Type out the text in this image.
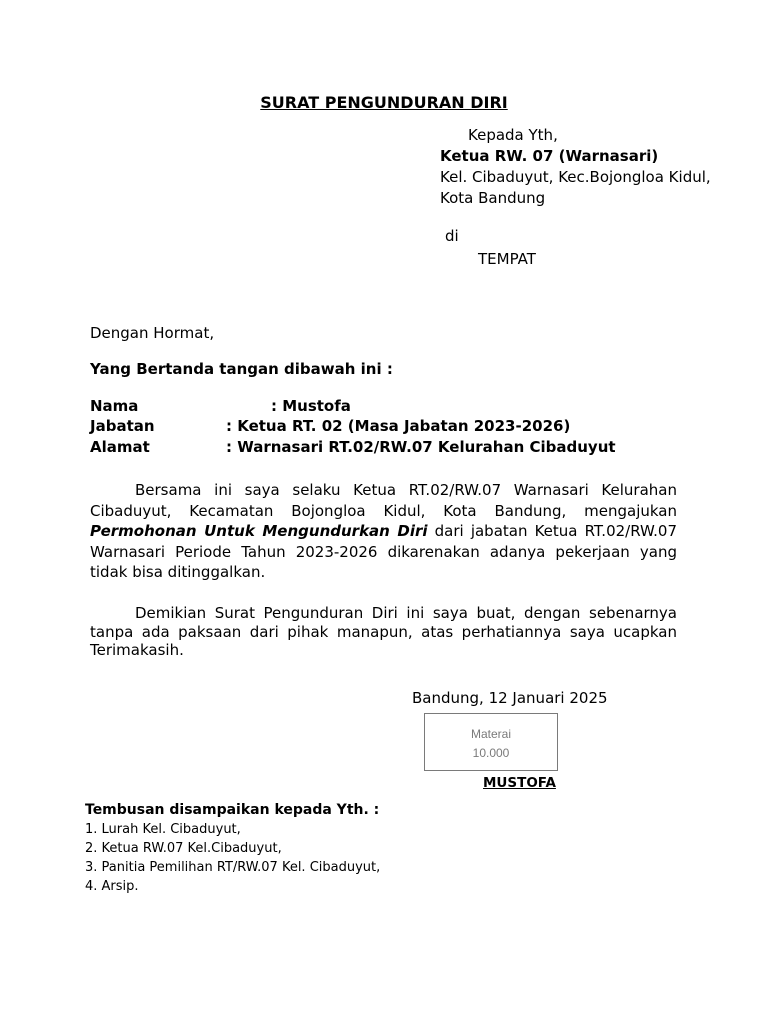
SURAT PENGUNDURAN DIRI
Kepada Yth,
Ketua RW. 07 (Warnasari)
Kel. Cibaduyut, Kec.Bojongloa Kidul,
Kota Bandung
di
TEMPAT
Dengan Hormat,
Yang Bertanda tangan dibawah ini :
Nama	: Mustofa
Jabatan	: Ketua RT. 02 (Masa Jabatan 2023-2026)
Alamat	: Warnasari RT.02/RW.07 Kelurahan Cibaduyut
Bersama ini saya selaku Ketua RT.02/RW.07 Warnasari Kelurahan Cibaduyut, Kecamatan Bojongloa Kidul, Kota Bandung, mengajukan Permohonan Untuk Mengundurkan Diri dari jabatan Ketua RT.02/RW.07 Warnasari Periode Tahun 2023-2026 dikarenakan adanya pekerjaan yang tidak bisa ditinggalkan.
Demikian Surat Pengunduran Diri ini saya buat, dengan sebenarnya tanpa ada paksaan dari pihak manapun, atas perhatiannya saya ucapkan Terimakasih.
Bandung, 12 Januari 2025
Materai
10.000
MUSTOFA
Tembusan disampaikan kepada Yth. :
1. Lurah Kel. Cibaduyut,
2. Ketua RW.07 Kel.Cibaduyut,
3. Panitia Pemilihan RT/RW.07 Kel. Cibaduyut,
4. Arsip.
